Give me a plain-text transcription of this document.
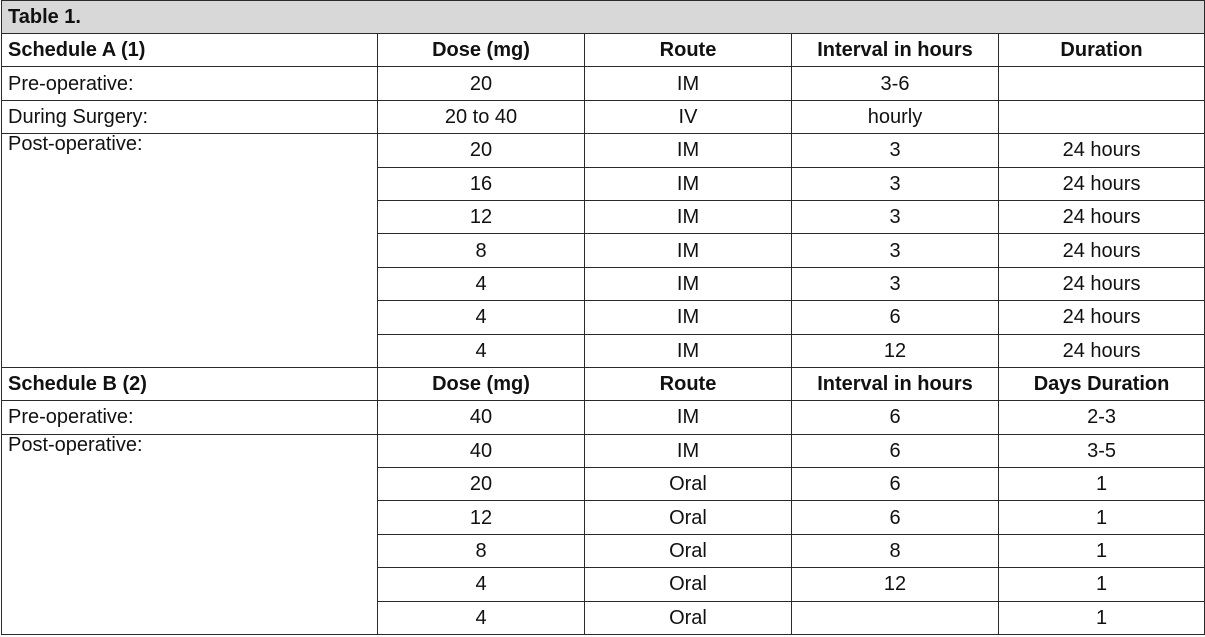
Table 1.				
Schedule A (1)	Dose (mg)	Route	Interval in hours	Duration
Pre-operative:	20	IM	3-6	
During Surgery:	20 to 40	IV	hourly	
Post-operative:	20	IM	3	24 hours
	16	IM	3	24 hours
	12	IM	3	24 hours
	8	IM	3	24 hours
	4	IM	3	24 hours
	4	IM	6	24 hours
	4	IM	12	24 hours
Schedule B (2)	Dose (mg)	Route	Interval in hours	Days Duration
Pre-operative:	40	IM	6	2-3
Post-operative:	40	IM	6	3-5
	20	Oral	6	1
	12	Oral	6	1
	8	Oral	8	1
	4	Oral	12	1
	4	Oral		1
